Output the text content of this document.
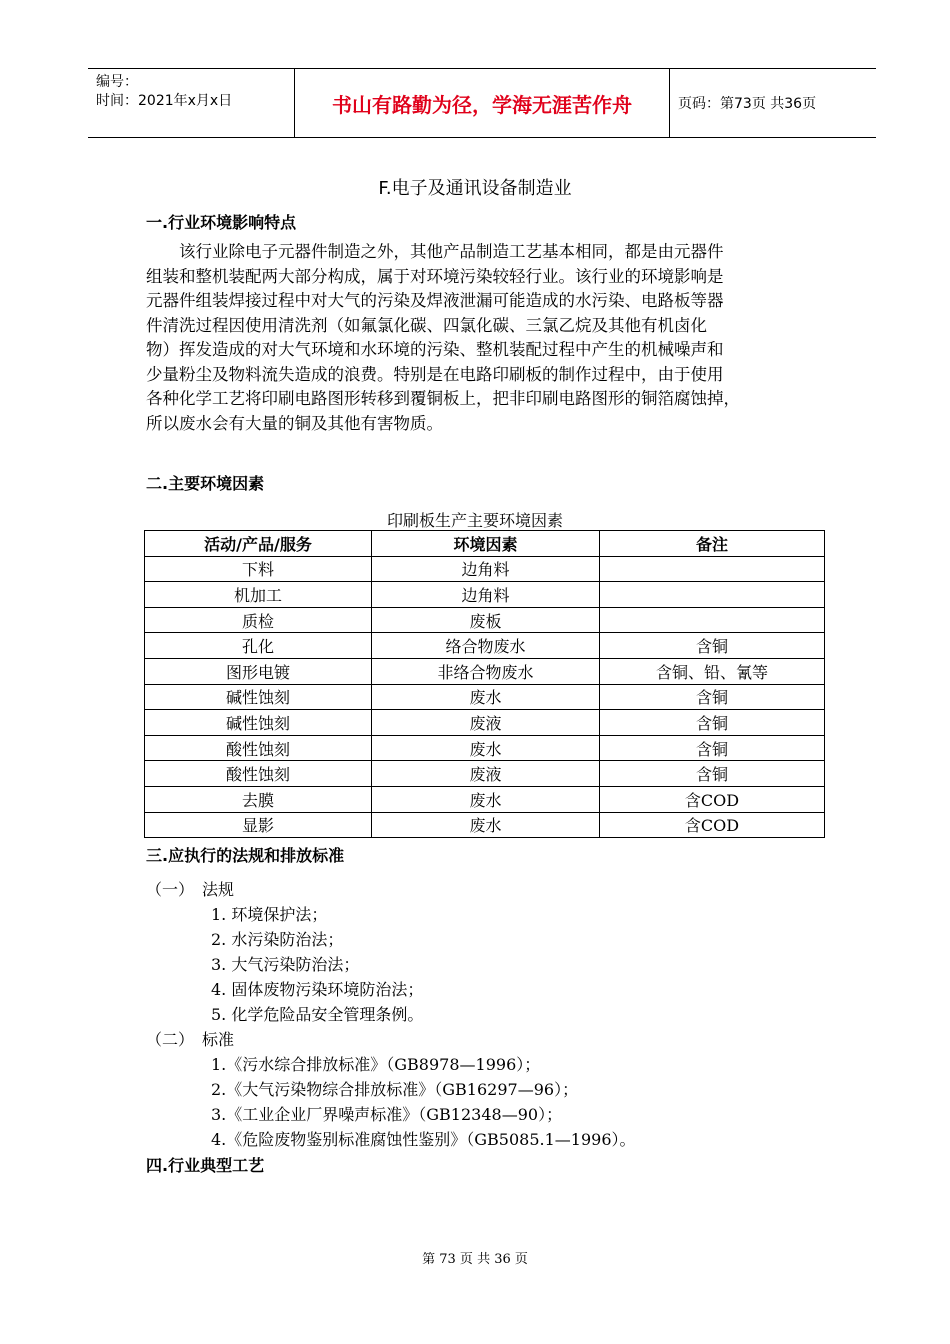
编号：
时间：2021年x月x日	书山有路勤为径，学海无涯苦作舟	页码：第73页 共36页
F.电子及通讯设备制造业
一.行业环境影响特点

　　该行业除电子元器件制造之外，其他产品制造工艺基本相同，都是由元器件
组装和整机装配两大部分构成，属于对环境污染较轻行业。该行业的环境影响是
元器件组装焊接过程中对大气的污染及焊液泄漏可能造成的水污染、电路板等器
件清洗过程因使用清洗剂（如氟氯化碳、四氯化碳、三氯乙烷及其他有机卤化
物）挥发造成的对大气环境和水环境的污染、整机装配过程中产生的机械噪声和
少量粉尘及物料流失造成的浪费。特别是在电路印刷板的制作过程中，由于使用
各种化学工艺将印刷电路图形转移到覆铜板上，把非印刷电路图形的铜箔腐蚀掉，
所以废水会有大量的铜及其他有害物质。

二.主要环境因素
印刷板生产主要环境因素
活动/产品/服务	环境因素	备注
下料	边角料	
机加工	边角料	
质检	废板	
孔化	络合物废水	含铜
图形电镀	非络合物废水	含铜、铅、氰等
碱性蚀刻	废水	含铜
碱性蚀刻	废液	含铜
酸性蚀刻	废水	含铜
酸性蚀刻	废液	含铜
去膜	废水	含COD
显影	废水	含COD
三.应执行的法规和排放标准
（一）　法规
1. 环境保护法；
2. 水污染防治法；
3. 大气污染防治法；
4. 固体废物污染环境防治法；
5. 化学危险品安全管理条例。
（二）　标准
1.《污水综合排放标准》（GB8978—1996）；
2.《大气污染物综合排放标准》（GB16297—96）；
3.《工业企业厂界噪声标准》（GB12348—90）；
4.《危险废物鉴别标准腐蚀性鉴别》（GB5085.1—1996）。
四.行业典型工艺
第 73 页 共 36 页
